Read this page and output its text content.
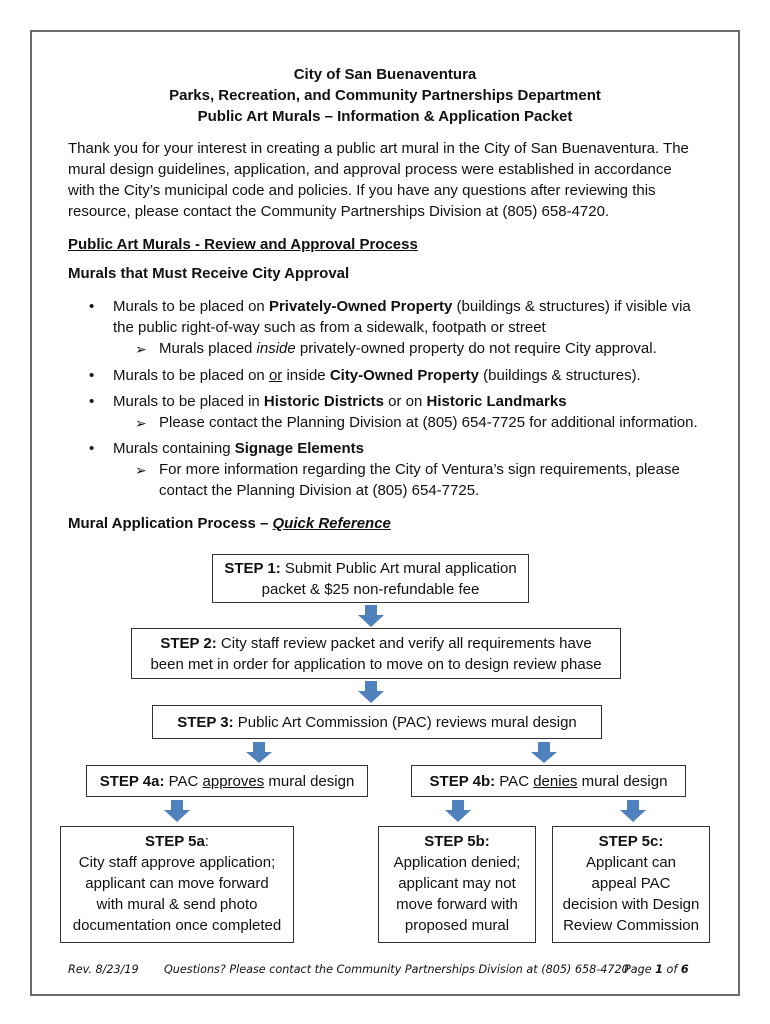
City of San Buenaventura
Parks, Recreation, and Community Partnerships Department
Public Art Murals – Information & Application Packet
Thank you for your interest in creating a public art mural in the City of San Buenaventura. The
mural design guidelines, application, and approval process were established in accordance
with the City’s municipal code and policies. If you have any questions after reviewing this
resource, please contact the Community Partnerships Division at (805) 658-4720.
Public Art Murals - Review and Approval Process
Murals that Must Receive City Approval
• Murals to be placed on Privately-Owned Property (buildings & structures) if visible via
the public right-of-way such as from a sidewalk, footpath or street
➢ Murals placed inside privately-owned property do not require City approval.
• Murals to be placed on or inside City-Owned Property (buildings & structures).
• Murals to be placed in Historic Districts or on Historic Landmarks
➢ Please contact the Planning Division at (805) 654-7725 for additional information.
• Murals containing Signage Elements
➢ For more information regarding the City of Ventura’s sign requirements, please
contact the Planning Division at (805) 654-7725.
Mural Application Process – Quick Reference
STEP 1: Submit Public Art mural application
packet & $25 non-refundable fee
STEP 2: City staff review packet and verify all requirements have
been met in order for application to move on to design review phase
STEP 3: Public Art Commission (PAC) reviews mural design
STEP 4a: PAC approves mural design	STEP 4b: PAC denies mural design
STEP 5a:
City staff approve application;
applicant can move forward
with mural & send photo
documentation once completed
STEP 5b:
Application denied;
applicant may not
move forward with
proposed mural
STEP 5c:
Applicant can
appeal PAC
decision with Design
Review Commission
Rev. 8/23/19 Questions? Please contact the Community Partnerships Division at (805) 658-4720
Page 1 of 6
